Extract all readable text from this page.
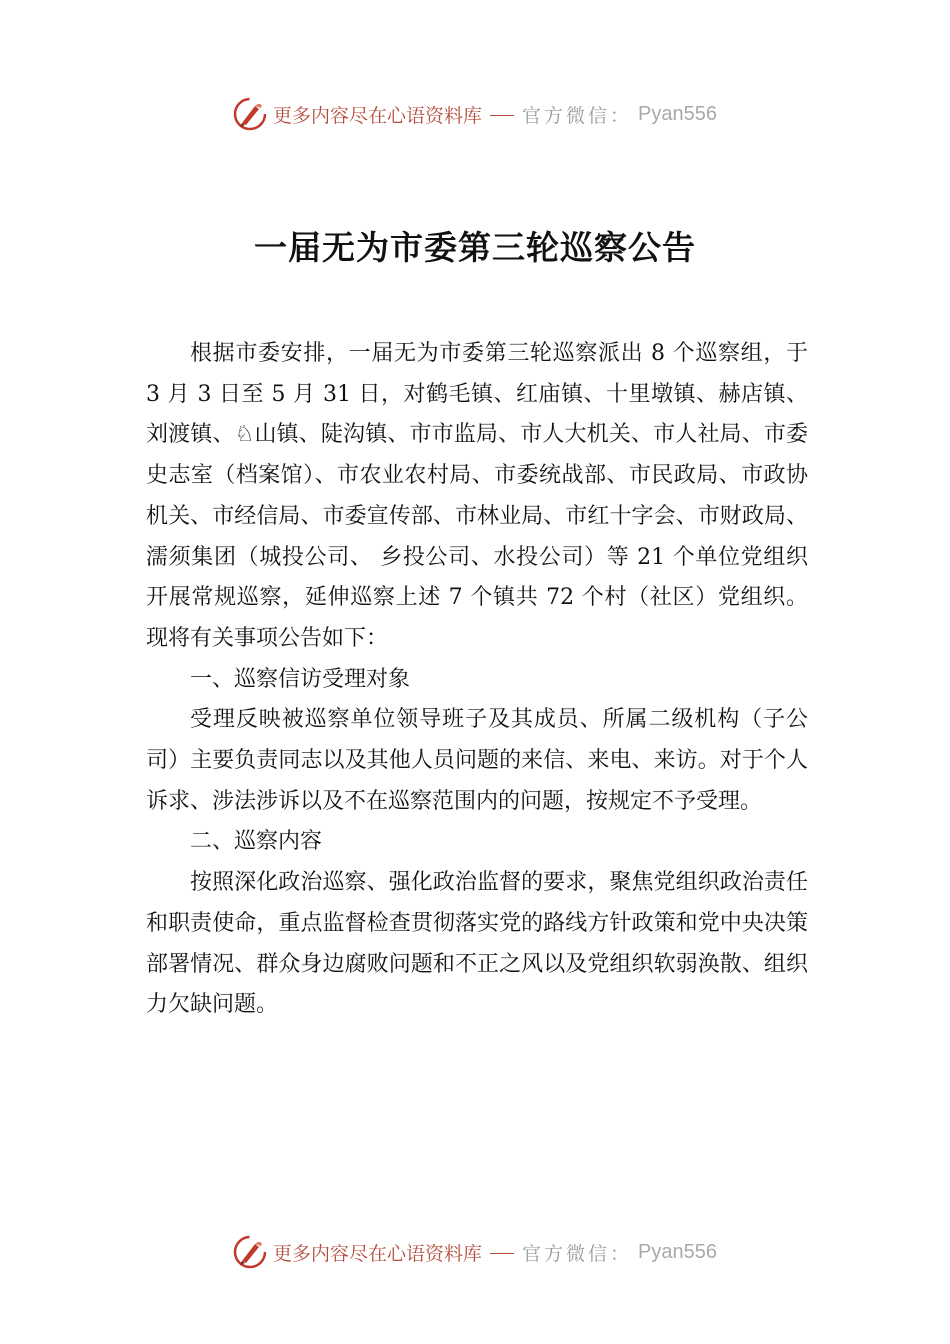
更多内容尽在心语资料库 官方微信： Pyan556
一届无为市委第三轮巡察公告

根据市委安排，一届无为市委第三轮巡察派出 8 个巡察组，于 3 月 3 日至 5 月 31 日，对鹤毛镇、红庙镇、十里墩镇、赫店镇、刘渡镇、♘山镇、陡沟镇、市市监局、市人大机关、市人社局、市委史志室（档案馆）、市农业农村局、市委统战部、市民政局、市政协机关、市经信局、市委宣传部、市林业局、市红十字会、市财政局、濡须集团（城投公司、 乡投公司、水投公司）等 21 个单位党组织开展常规巡察，延伸巡察上述 7 个镇共 72 个村（社区）党组织。现将有关事项公告如下：

一、巡察信访受理对象

受理反映被巡察单位领导班子及其成员、所属二级机构（子公司）主要负责同志以及其他人员问题的来信、来电、来访。对于个人诉求、涉法涉诉以及不在巡察范围内的问题，按规定不予受理。

二、巡察内容

按照深化政治巡察、强化政治监督的要求，聚焦党组织政治责任和职责使命，重点监督检查贯彻落实党的路线方针政策和党中央决策部署情况、群众身边腐败问题和不正之风以及党组织软弱涣散、组织力欠缺问题。

更多内容尽在心语资料库 官方微信： Pyan556
